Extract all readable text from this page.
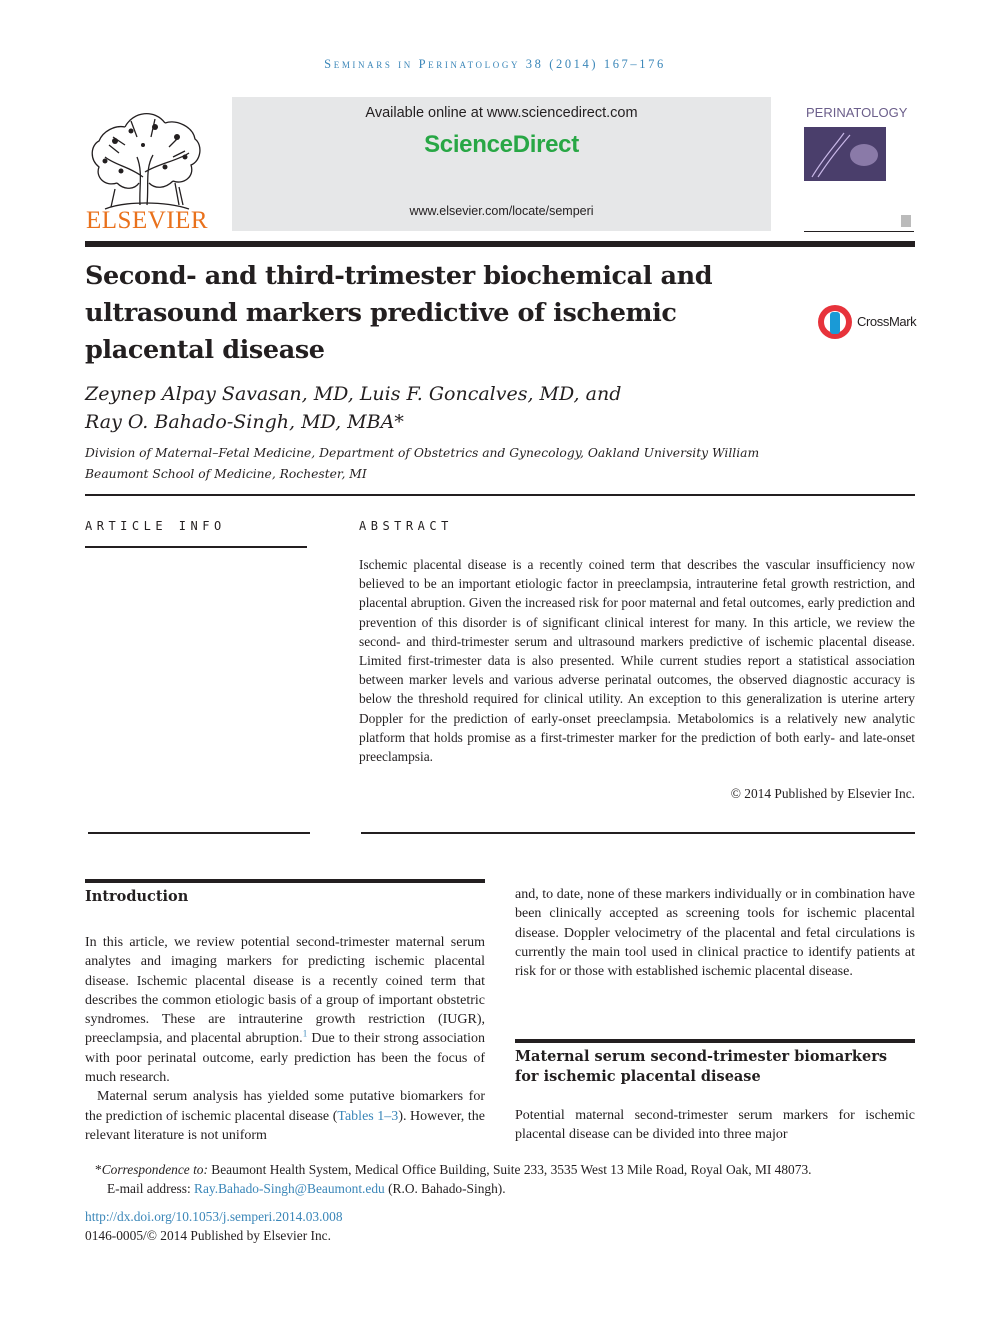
Seminars in Perinatology 38 (2014) 167–176
ELSEVIER
Available online at www.sciencedirect.com
ScienceDirect
www.elsevier.com/locate/semperi
PERINATOLOGY
Second- and third-trimester biochemical and ultrasound markers predictive of ischemic placental disease
CrossMark
Zeynep Alpay Savasan, MD, Luis F. Goncalves, MD, and
Ray O. Bahado-Singh, MD, MBA*
Division of Maternal–Fetal Medicine, Department of Obstetrics and Gynecology, Oakland University William Beaumont School of Medicine, Rochester, MI
ARTICLE INFO	ABSTRACT
Ischemic placental disease is a recently coined term that describes the vascular insufficiency now believed to be an important etiologic factor in preeclampsia, intrauterine fetal growth restriction, and placental abruption. Given the increased risk for poor maternal and fetal outcomes, early prediction and prevention of this disorder is of significant clinical interest for many. In this article, we review the second- and third-trimester serum and ultrasound markers predictive of ischemic placental disease. Limited first-trimester data is also presented. While current studies report a statistical association between marker levels and various adverse perinatal outcomes, the observed diagnostic accuracy is below the threshold required for clinical utility. An exception to this generalization is uterine artery Doppler for the prediction of early-onset preeclampsia. Metabolomics is a relatively new analytic platform that holds promise as a first-trimester marker for the prediction of both early- and late-onset preeclampsia.
© 2014 Published by Elsevier Inc.
Introduction

In this article, we review potential second-trimester maternal serum analytes and imaging markers for predicting ischemic placental disease. Ischemic placental disease is a recently coined term that describes the common etiologic basis of a group of important obstetric syndromes. These are intrauterine growth restriction (IUGR), preeclampsia, and placental abruption.$^1$ Due to their strong association with poor perinatal outcome, early prediction has been the focus of much research.

Maternal serum analysis has yielded some putative biomarkers for the prediction of ischemic placental disease (Tables 1–3). However, the relevant literature is not uniform

and, to date, none of these markers individually or in combination have been clinically accepted as screening tools for ischemic placental disease. Doppler velocimetry of the placental and fetal circulations is currently the main tool used in clinical practice to identify patients at risk for or those with established ischemic placental disease.
Maternal serum second-trimester biomarkers for ischemic placental disease
Potential maternal second-trimester serum markers for ischemic placental disease can be divided into three major
*Correspondence to: Beaumont Health System, Medical Office Building, Suite 233, 3535 West 13 Mile Road, Royal Oak, MI 48073.
E-mail address: Ray.Bahado-Singh@Beaumont.edu (R.O. Bahado-Singh).
http://dx.doi.org/10.1053/j.semperi.2014.03.008
0146-0005/© 2014 Published by Elsevier Inc.
